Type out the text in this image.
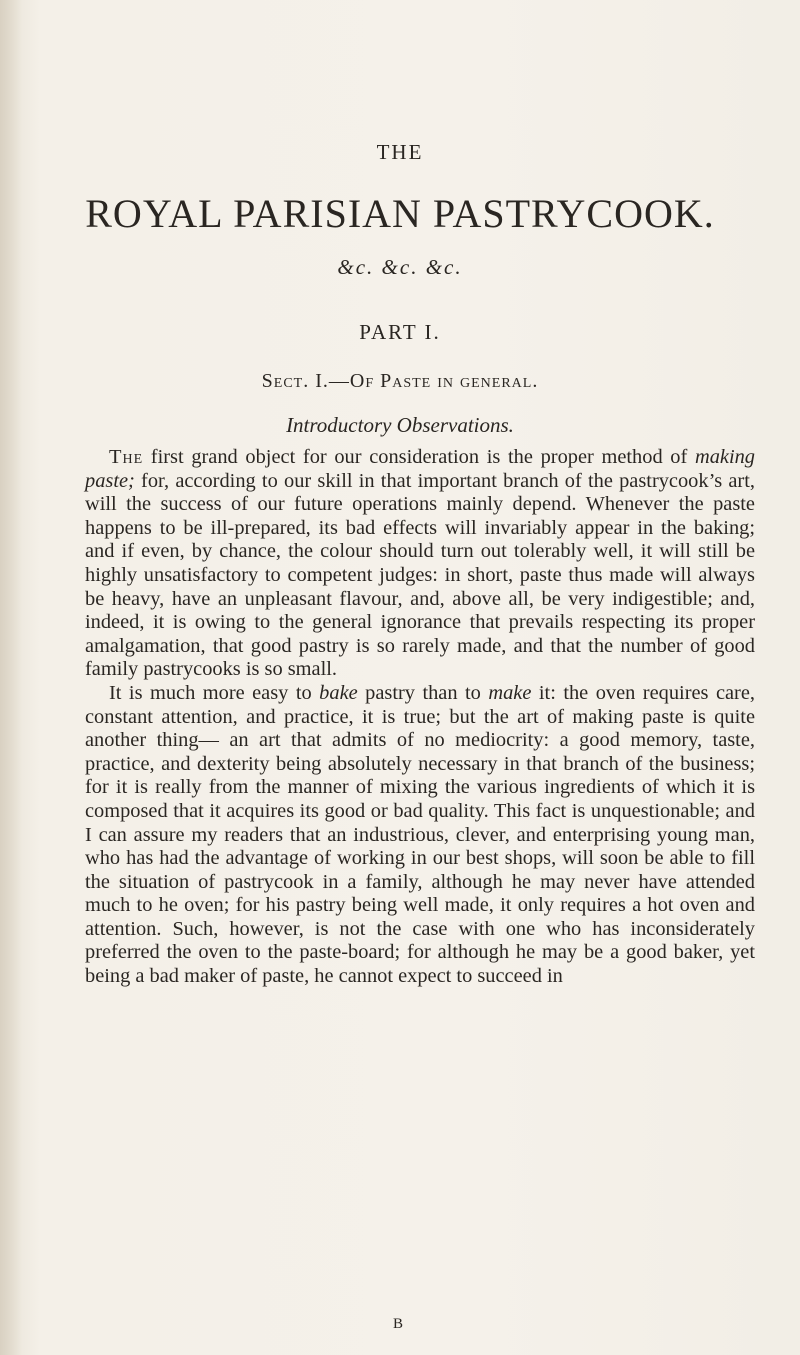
THE
ROYAL PARISIAN PASTRYCOOK.
&c. &c. &c.
PART I.
Sect. I.—Of Paste in general.
Introductory Observations.

The first grand object for our consideration is the proper method of making paste; for, according to our skill in that important branch of the pastrycook’s art, will the success of our future operations mainly depend. Whenever the paste happens to be ill-prepared, its bad effects will invariably appear in the baking; and if even, by chance, the colour should turn out tolerably well, it will still be highly unsatisfactory to competent judges: in short, paste thus made will always be heavy, have an unpleasant flavour, and, above all, be very indigestible; and, indeed, it is owing to the general ignorance that prevails respecting its proper amalgamation, that good pastry is so rarely made, and that the number of good family pastrycooks is so small.

It is much more easy to bake pastry than to make it: the oven requires care, constant attention, and practice, it is true; but the art of making paste is quite another thing— an art that admits of no mediocrity: a good memory, taste, practice, and dexterity being absolutely necessary in that branch of the business; for it is really from the manner of mixing the various ingredients of which it is composed that it acquires its good or bad quality. This fact is unquestionable; and I can assure my readers that an industrious, clever, and enterprising young man, who has had the advantage of working in our best shops, will soon be able to fill the situation of pastrycook in a family, although he may never have attended much to he oven; for his pastry being well made, it only requires a hot oven and attention. Such, however, is not the case with one who has inconsiderately preferred the oven to the paste-board; for although he may be a good baker, yet being a bad maker of paste, he cannot expect to succeed in

B
